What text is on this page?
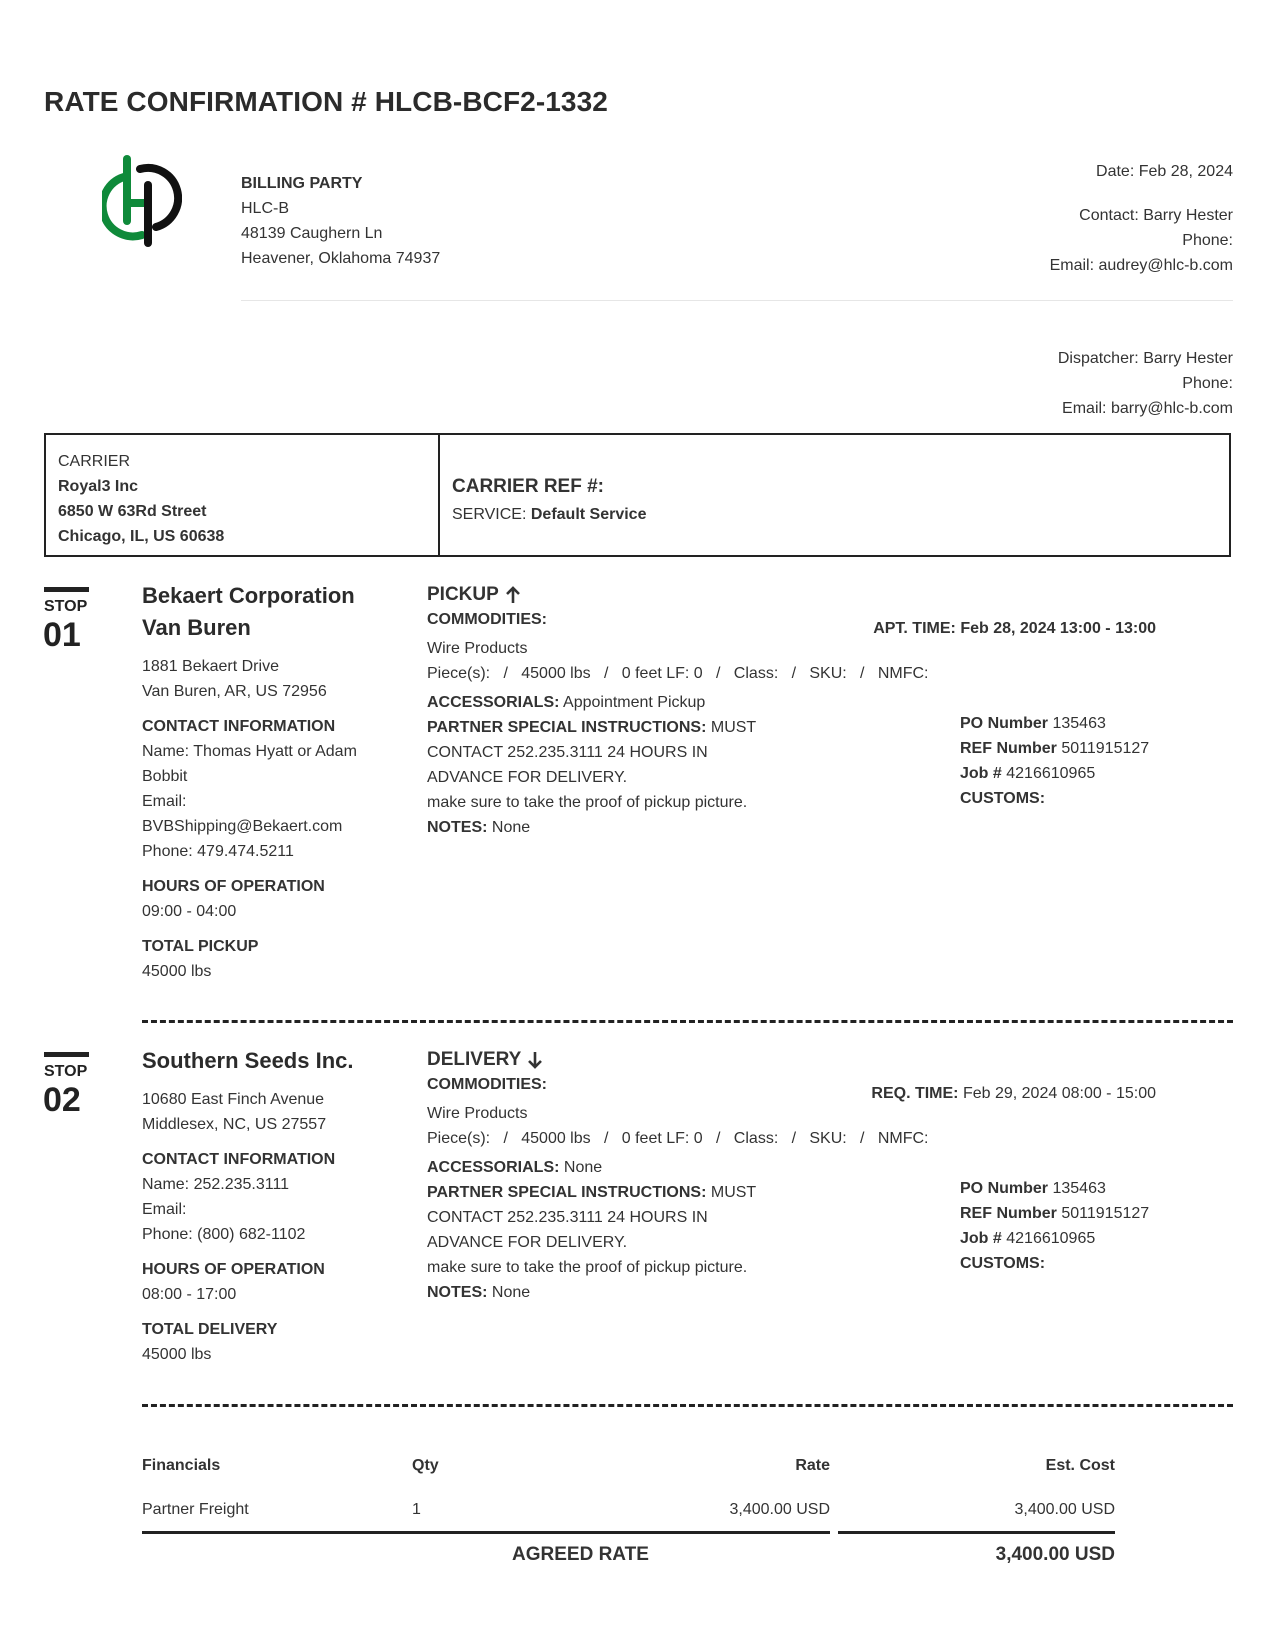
RATE CONFIRMATION # HLCB-BCF2-1332
BILLING PARTY
HLC-B
48139 Caughern Ln
Heavener, Oklahoma 74937
Date: Feb 28, 2024
Contact: Barry Hester
Phone:
Email: audrey@hlc-b.com
Dispatcher: Barry Hester
Phone:
Email: barry@hlc-b.com
CARRIER
Royal3 Inc
6850 W 63Rd Street
Chicago, IL, US 60638
CARRIER REF #:
SERVICE: Default Service
STOP
01
Bekaert Corporation
Van Buren
1881 Bekaert Drive
Van Buren, AR, US 72956
CONTACT INFORMATION
Name: Thomas Hyatt or Adam
Bobbit
Email:
BVBShipping@Bekaert.com
Phone: 479.474.5211
HOURS OF OPERATION
09:00 - 04:00
TOTAL PICKUP
45000 lbs
PICKUP
COMMODITIES:
Wire Products
Piece(s):   /   45000 lbs   /   0 feet LF: 0   /   Class:   /   SKU:   /   NMFC:
ACCESSORIALS: Appointment Pickup
PARTNER SPECIAL INSTRUCTIONS: MUST
CONTACT 252.235.3111 24 HOURS IN
ADVANCE FOR DELIVERY.
make sure to take the proof of pickup picture.
NOTES: None
APT. TIME: Feb 28, 2024 13:00 - 13:00
PO Number 135463
REF Number 5011915127
Job # 4216610965
CUSTOMS:
STOP
02
Southern Seeds Inc.
10680 East Finch Avenue
Middlesex, NC, US 27557
CONTACT INFORMATION
Name: 252.235.3111
Email:
Phone: (800) 682-1102
HOURS OF OPERATION
08:00 - 17:00
TOTAL DELIVERY
45000 lbs
DELIVERY
COMMODITIES:
Wire Products
Piece(s):   /   45000 lbs   /   0 feet LF: 0   /   Class:   /   SKU:   /   NMFC:
ACCESSORIALS: None
PARTNER SPECIAL INSTRUCTIONS: MUST
CONTACT 252.235.3111 24 HOURS IN
ADVANCE FOR DELIVERY.
make sure to take the proof of pickup picture.
NOTES: None
REQ. TIME: Feb 29, 2024 08:00 - 15:00
PO Number 135463
REF Number 5011915127
Job # 4216610965
CUSTOMS:
Financials	Qty	Rate	Est. Cost
Partner Freight	1	3,400.00 USD	3,400.00 USD
AGREED RATE	3,400.00 USD
